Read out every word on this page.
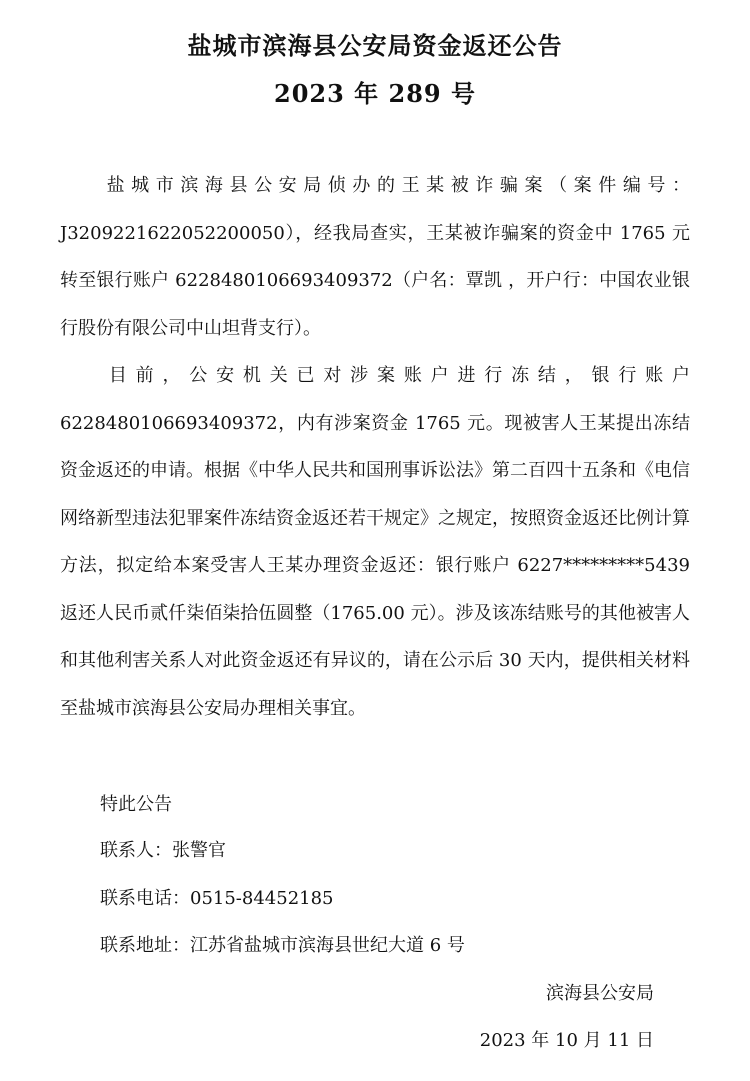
盐城市滨海县公安局资金返还公告
2023 年 289 号

盐城市滨海县公安局侦办的王某被诈骗案（案件编号：J3209221622052200050），经我局查实，王某被诈骗案的资金中 1765 元转至银行账户 6228480106693409372（户名：覃凯 ，开户行：中国农业银行股份有限公司中山坦背支行）。

目前，公安机关已对涉案账户进行冻结，银行账户 6228480106693409372，内有涉案资金 1765 元。现被害人王某提出冻结资金返还的申请。根据《中华人民共和国刑事诉讼法》第二百四十五条和《电信网络新型违法犯罪案件冻结资金返还若干规定》之规定，按照资金返还比例计算方法，拟定给本案受害人王某办理资金返还：银行账户 6227*********5439 返还人民币贰仟柒佰柒拾伍圆整（1765.00 元）。涉及该冻结账号的其他被害人和其他利害关系人对此资金返还有异议的，请在公示后 30 天内，提供相关材料至盐城市滨海县公安局办理相关事宜。

特此公告
联系人：张警官
联系电话：0515-84452185
联系地址：江苏省盐城市滨海县世纪大道 6 号
滨海县公安局
2023 年 10 月 11 日
